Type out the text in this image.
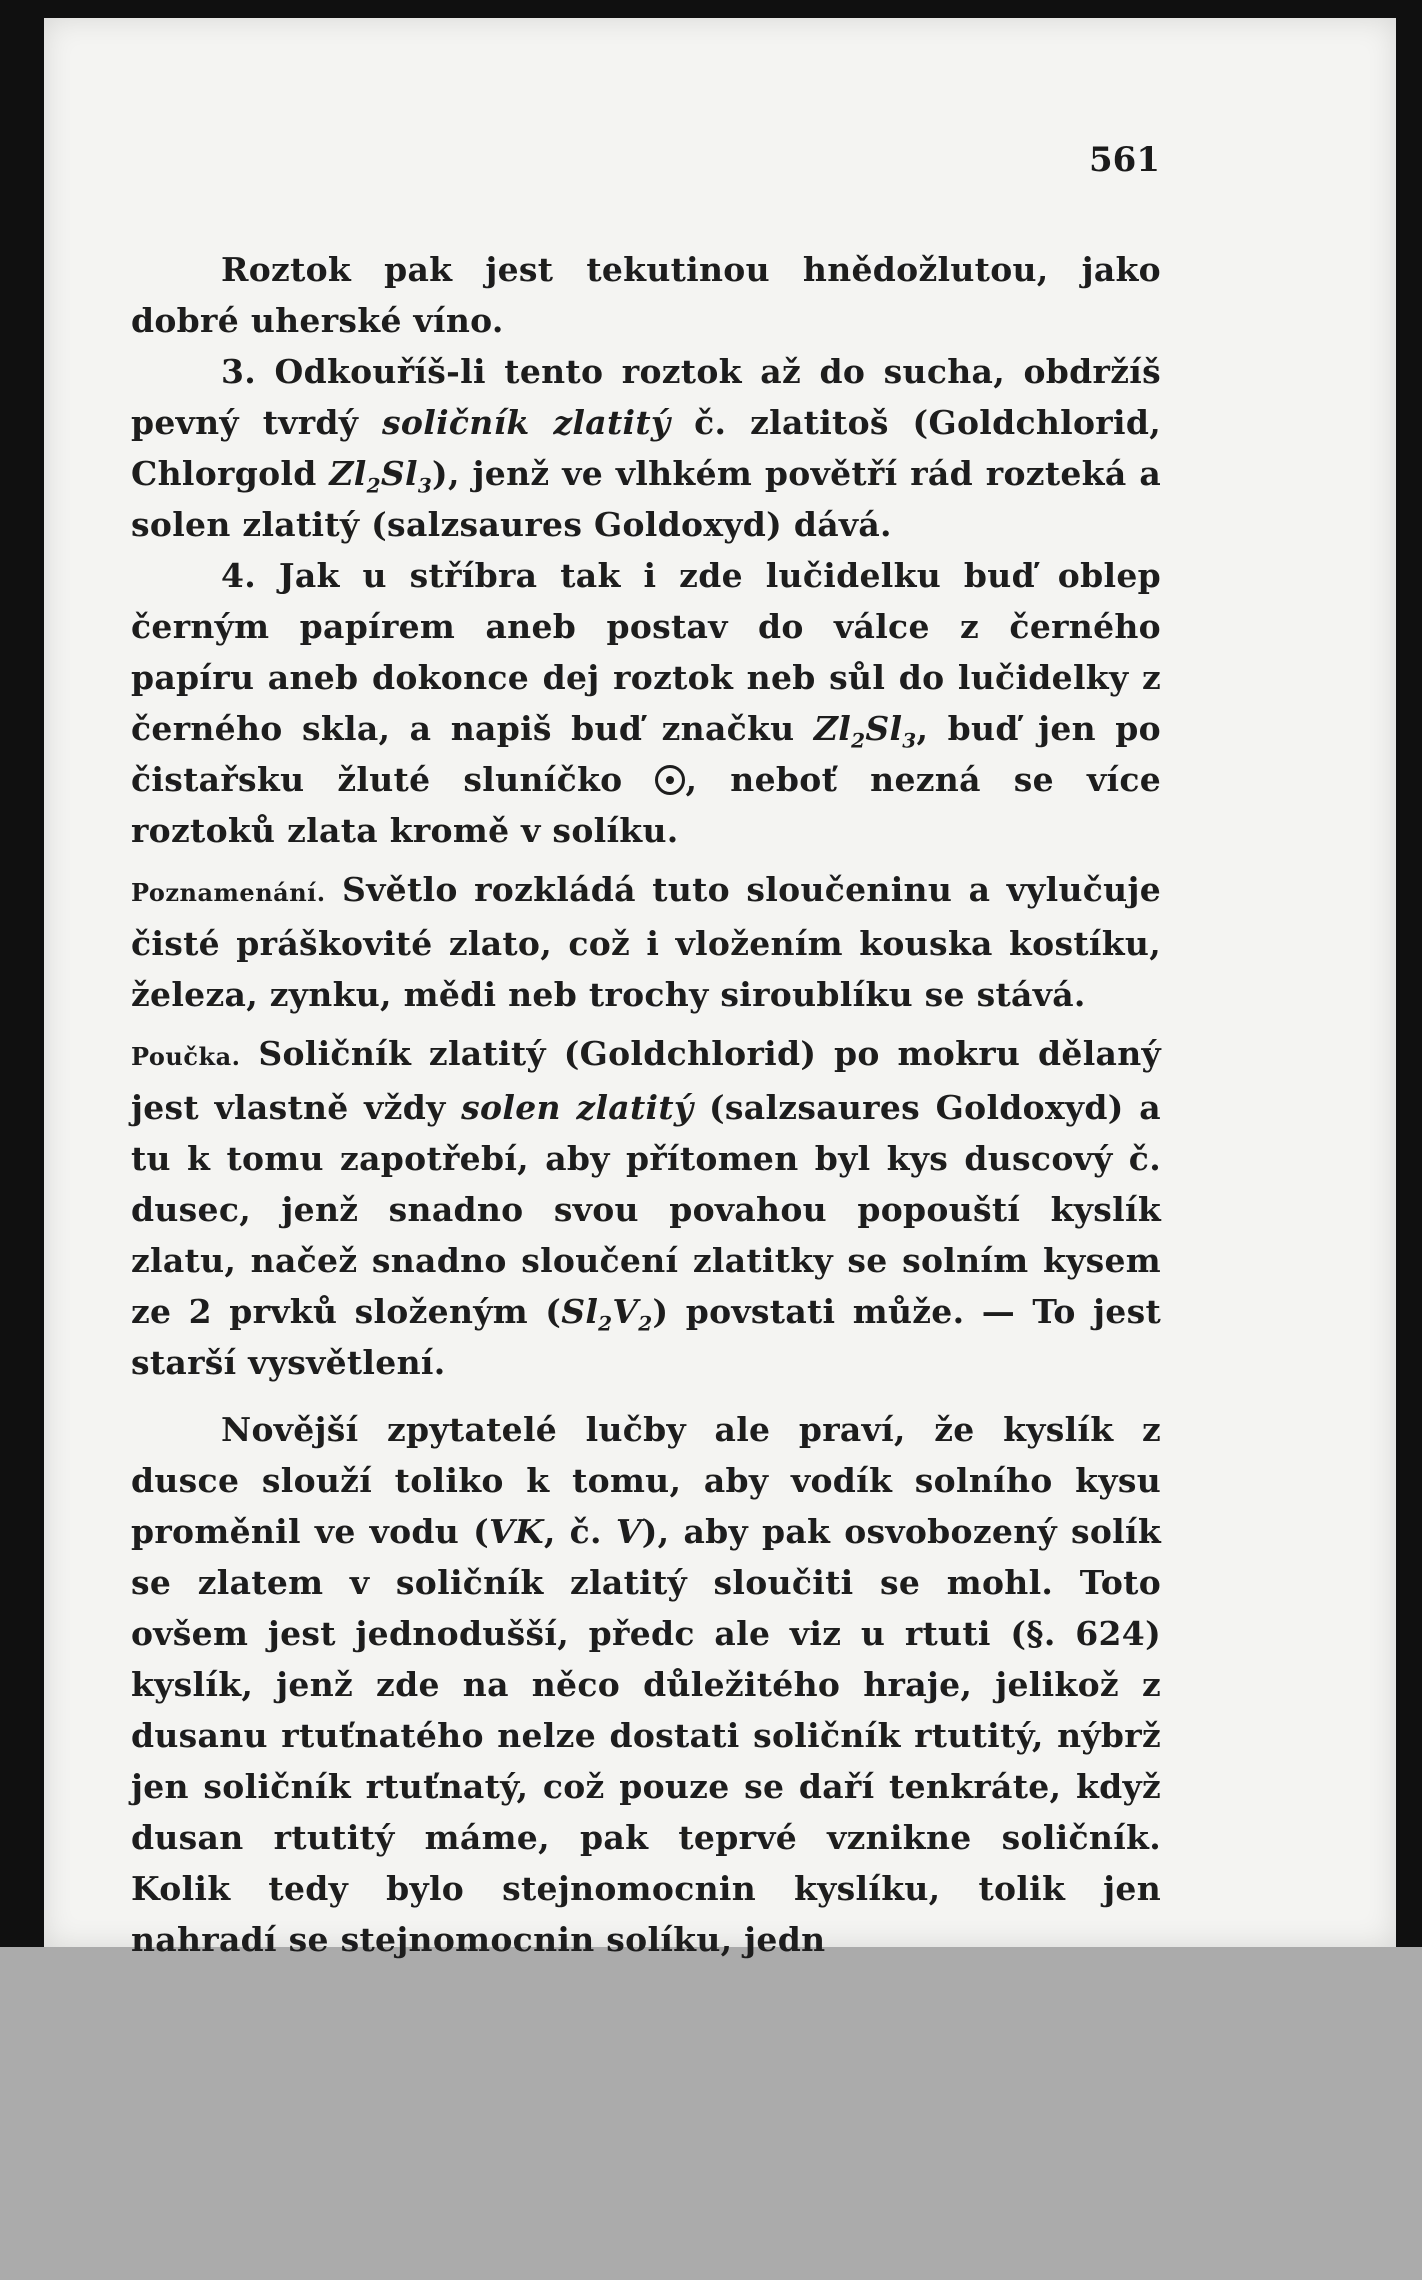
561

Roztok pak jest tekutinou hnědožlutou, jako dobré uherské víno.

3. Odkouříš-li tento roztok až do sucha, obdržíš pevný tvrdý soličník zlatitý č. zlatitoš (Goldchlorid, Chlorgold $Zl_2Sl_3$), jenž ve vlhkém povětří rád rozteká a solen zlatitý (salzsaures Goldoxyd) dává.

4. Jak u stříbra tak i zde lučidelku buď oblep černým papírem aneb postav do válce z černého papíru aneb dokonce dej roztok neb sůl do lučidelky z černého skla, a napiš buď značku $Zl_2Sl_3$, buď jen po čistařsku žluté sluníčko , neboť nezná se více roztoků zlata kromě v solíku.

Poznamenání. Světlo rozkládá tuto sloučeninu a vylučuje čisté práškovité zlato, což i vložením kouska kostíku, železa, zynku, mědi neb trochy siroublíku se stává.

Poučka. Soličník zlatitý (Goldchlorid) po mokru dělaný jest vlastně vždy solen zlatitý (salzsaures Goldoxyd) a tu k tomu zapotřebí, aby přítomen byl kys duscový č. dusec, jenž snadno svou povahou popouští kyslík zlatu, načež snadno sloučení zlatitky se solním kysem ze 2 prvků složeným $(Sl_2V_2)$ povstati může. — To jest starší vysvětlení.

Novější zpytatelé lučby ale praví, že kyslík z dusce slouží toliko k tomu, aby vodík solního kysu proměnil ve vodu (VK, č. V), aby pak osvobozený solík se zlatem v soličník zlatitý sloučiti se mohl. Toto ovšem jest jednodušší, předc ale viz u rtuti (§. 624) kyslík, jenž zde na něco důležitého hraje, jelikož z dusanu rtuťnatého nelze dostati soličník rtutitý, nýbrž jen soličník rtuťnatý, což pouze se daří tenkráte, když dusan rtutitý máme, pak teprvé vznikne soličník. Kolik tedy bylo stejnomocnin kyslíku, tolik jen nahradí se stejnomocnin solíku, jedn
